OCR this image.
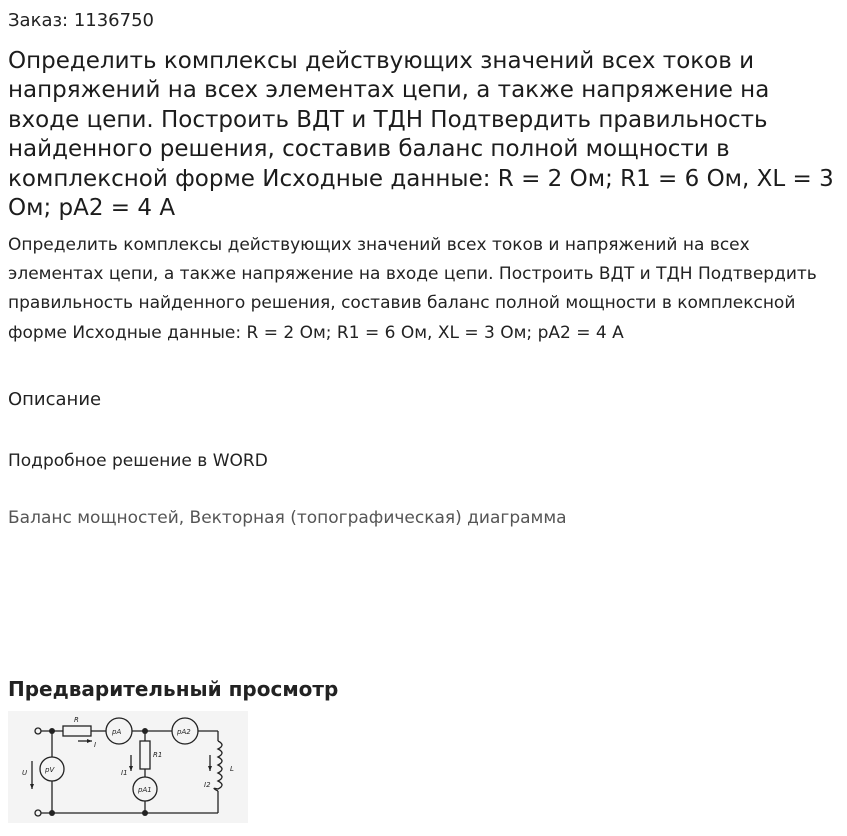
Заказ: 1136750
Определить комплексы действующих значений всех токов и напряжений на всех элементах цепи, а также напряжение на входе цепи. Построить ВДТ и ТДН Подтвердить правильность найденного решения, составив баланс полной мощности в комплексной форме Исходные данные: R = 2 Ом; R1 = 6 Ом, XL = 3 Ом; pA2 = 4 А

Определить комплексы действующих значений всех токов и напряжений на всех элементах цепи, а также напряжение на входе цепи. Построить ВДТ и ТДН Подтвердить правильность найденного решения, составив баланс полной мощности в комплексной форме Исходные данные: R = 2 Ом; R1 = 6 Ом, XL = 3 Ом; pA2 = 4 А

Описание
Подробное решение в WORD
Баланс мощностей, Векторная (топографическая) диаграмма
Предварительный просмотр
R
I
U	pV
pA	pA2
pA1
R1
I1
I2
L
